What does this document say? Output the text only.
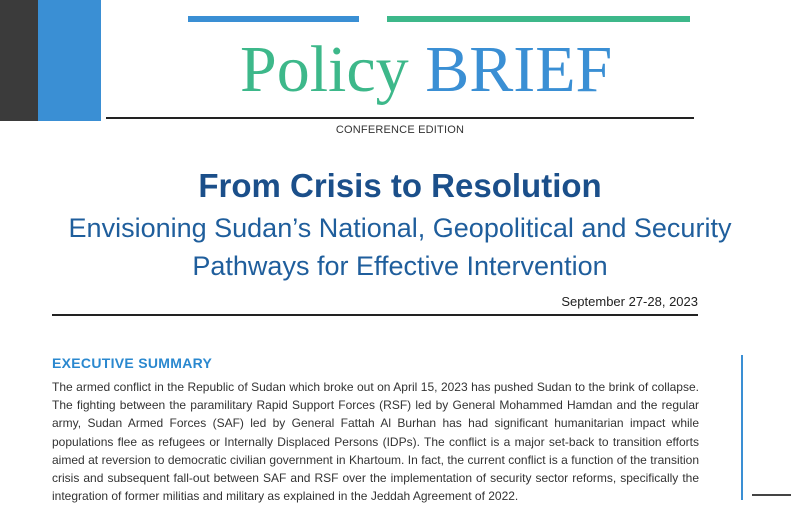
Policy BRIEF
CONFERENCE EDITION
From Crisis to Resolution
Envisioning Sudan’s National, Geopolitical and Security Pathways for Effective Intervention
September 27-28, 2023
EXECUTIVE SUMMARY
The armed conflict in the Republic of Sudan which broke out on April 15, 2023 has pushed Sudan to the brink of collapse. The fighting between the paramilitary Rapid Support Forces (RSF) led by General Mohammed Hamdan and the regular army, Sudan Armed Forces (SAF) led by General Fattah Al Burhan has had significant humanitarian impact while populations flee as refugees or Internally Displaced Persons (IDPs). The conflict is a major set-back to transition efforts aimed at reversion to democratic civilian government in Khartoum. In fact, the current conflict is a function of the transition crisis and subsequent fall-out between SAF and RSF over the implementation of security sector reforms, specifically the integration of former militias and military as explained in the Jeddah Agreement of 2022.
